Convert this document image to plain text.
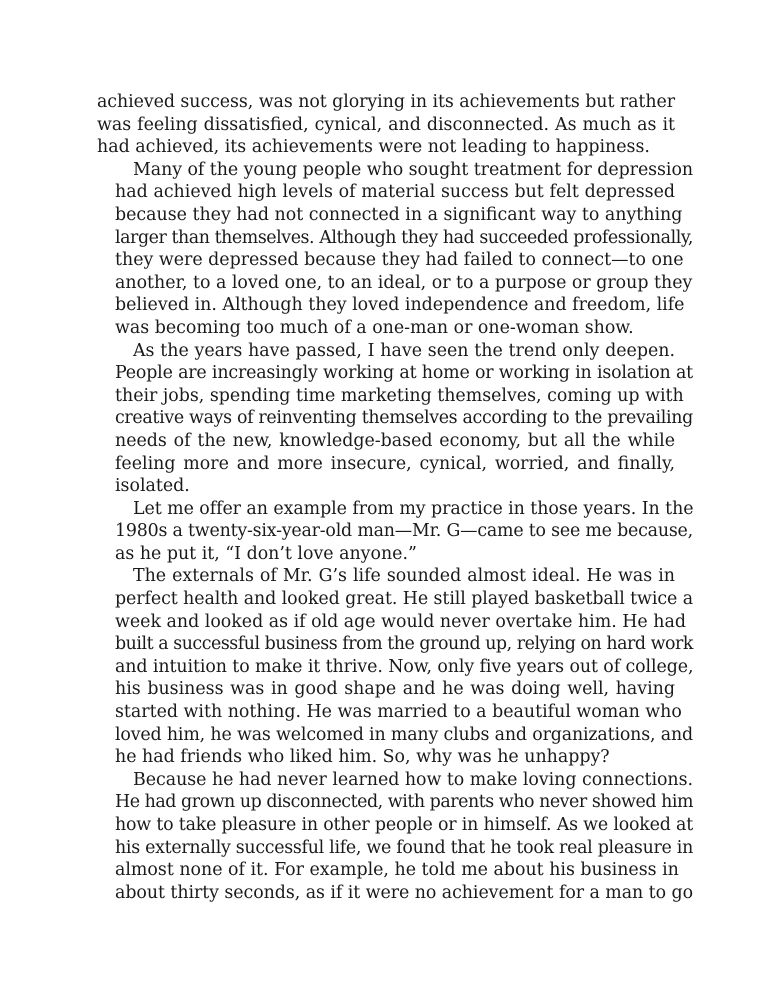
achieved success, was not glorying in its achievements but rather
was feeling dissatisfied, cynical, and disconnected. As much as it
had achieved, its achievements were not leading to happiness.
Many of the young people who sought treatment for depression
had achieved high levels of material success but felt depressed
because they had not connected in a significant way to anything
larger than themselves. Although they had succeeded professionally,
they were depressed because they had failed to connect—to one
another, to a loved one, to an ideal, or to a purpose or group they
believed in. Although they loved independence and freedom, life
was becoming too much of a one-man or one-woman show.
As the years have passed, I have seen the trend only deepen.
People are increasingly working at home or working in isolation at
their jobs, spending time marketing themselves, coming up with
creative ways of reinventing themselves according to the prevailing
needs of the new, knowledge-based economy, but all the while
feeling more and more insecure, cynical, worried, and finally,
isolated.
Let me offer an example from my practice in those years. In the
1980s a twenty-six-year-old man—Mr. G—came to see me because,
as he put it, “I don’t love anyone.”
The externals of Mr. G’s life sounded almost ideal. He was in
perfect health and looked great. He still played basketball twice a
week and looked as if old age would never overtake him. He had
built a successful business from the ground up, relying on hard work
and intuition to make it thrive. Now, only five years out of college,
his business was in good shape and he was doing well, having
started with nothing. He was married to a beautiful woman who
loved him, he was welcomed in many clubs and organizations, and
he had friends who liked him. So, why was he unhappy?
Because he had never learned how to make loving connections.
He had grown up disconnected, with parents who never showed him
how to take pleasure in other people or in himself. As we looked at
his externally successful life, we found that he took real pleasure in
almost none of it. For example, he told me about his business in
about thirty seconds, as if it were no achievement for a man to go
